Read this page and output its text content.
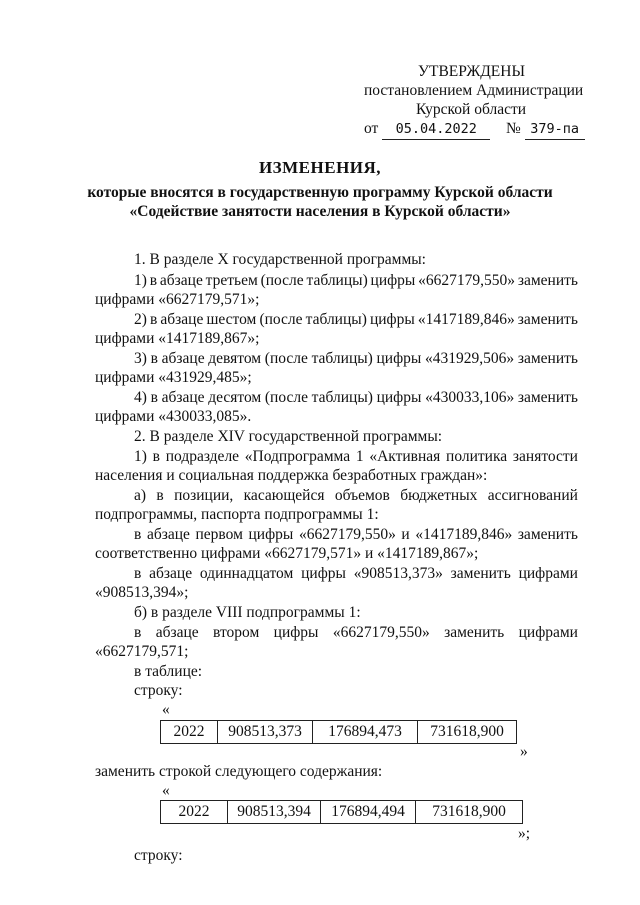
УТВЕРЖДЕНЫ
постановлением Администрации
Курской области
от 05.04.2022 № 379-па
ИЗМЕНЕНИЯ,
которые вносятся в государственную программу Курской области
«Содействие занятости населения в Курской области»
1. В разделе X государственной программы:
1) в абзаце третьем (после таблицы) цифры «6627179,550» заменить
цифрами «6627179,571»;
2) в абзаце шестом (после таблицы) цифры «1417189,846» заменить
цифрами «1417189,867»;
3) в абзаце девятом (после таблицы) цифры «431929,506» заменить
цифрами «431929,485»;
4) в абзаце десятом (после таблицы) цифры «430033,106» заменить
цифрами «430033,085».
2. В разделе XIV государственной программы:
1) в подразделе «Подпрограмма 1 «Активная политика занятости
населения и социальная поддержка безработных граждан»:
а) в позиции, касающейся объемов бюджетных ассигнований
подпрограммы, паспорта подпрограммы 1:
в абзаце первом цифры «6627179,550» и «1417189,846» заменить
соответственно цифрами «6627179,571» и «1417189,867»;
в абзаце одиннадцатом цифры «908513,373» заменить цифрами
«908513,394»;
б) в разделе VIII подпрограммы 1:
в абзаце втором цифры «6627179,550» заменить цифрами
«6627179,571;
в таблице:
строку:
«
2022	908513,373	176894,473	731618,900
»
заменить строкой следующего содержания:
«
2022	908513,394	176894,494	731618,900
»;
строку:
